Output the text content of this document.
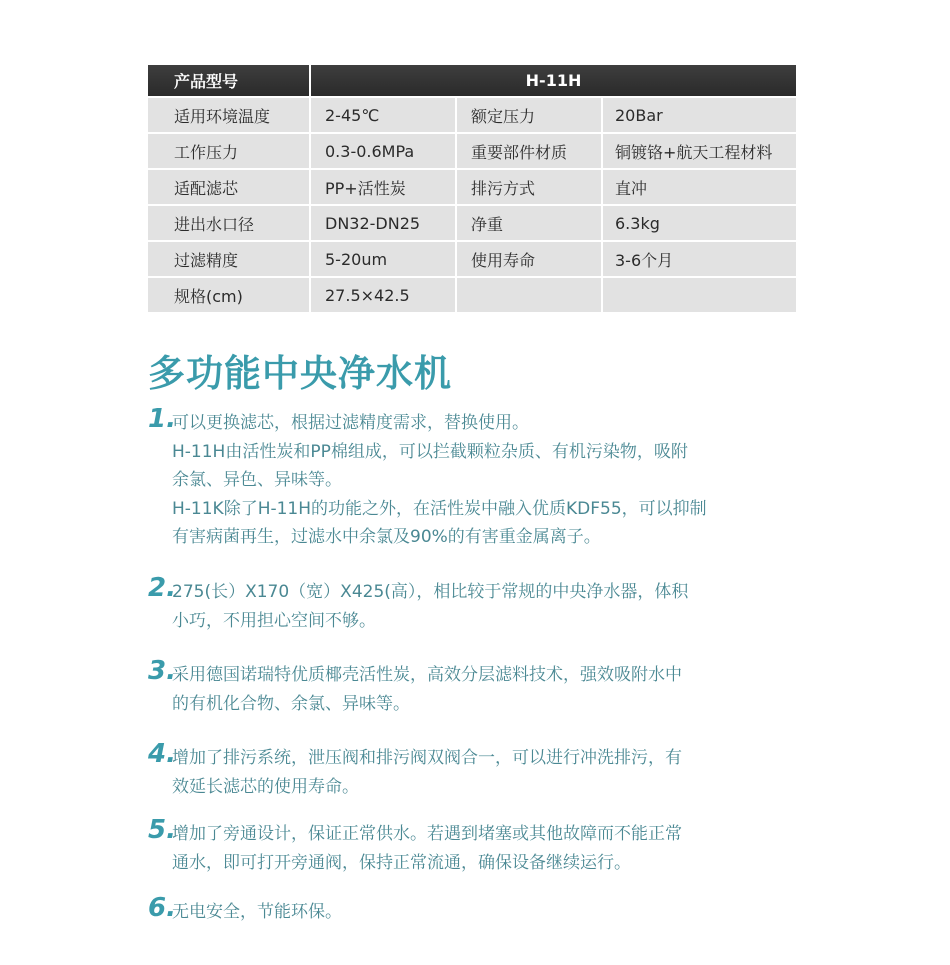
产品型号	H-11H		
适用环境温度	2-45℃	额定压力	20Bar
工作压力	0.3-0.6MPa	重要部件材质	铜镀铬+航天工程材料
适配滤芯	PP+活性炭	排污方式	直冲
进出水口径	DN32-DN25	净重	6.3kg
过滤精度	5-20um	使用寿命	3-6个月
规格(cm)	27.5×42.5		
多功能中央净水机
1.

可以更换滤芯，根据过滤精度需求，替换使用。

H-11H由活性炭和PP棉组成，可以拦截颗粒杂质、有机污染物，吸附

余氯、异色、异味等。

H-11K除了H-11H的功能之外，在活性炭中融入优质KDF55，可以抑制

有害病菌再生，过滤水中余氯及90%的有害重金属离子。

2.

275(长）X170（宽）X425(高），相比较于常规的中央净水器，体积

小巧，不用担心空间不够。

3.

采用德国诺瑞特优质椰壳活性炭，高效分层滤料技术，强效吸附水中

的有机化合物、余氯、异味等。

4.

增加了排污系统，泄压阀和排污阀双阀合一，可以进行冲洗排污，有

效延长滤芯的使用寿命。

5.

增加了旁通设计，保证正常供水。若遇到堵塞或其他故障而不能正常

通水，即可打开旁通阀，保持正常流通，确保设备继续运行。

6.

无电安全，节能环保。
